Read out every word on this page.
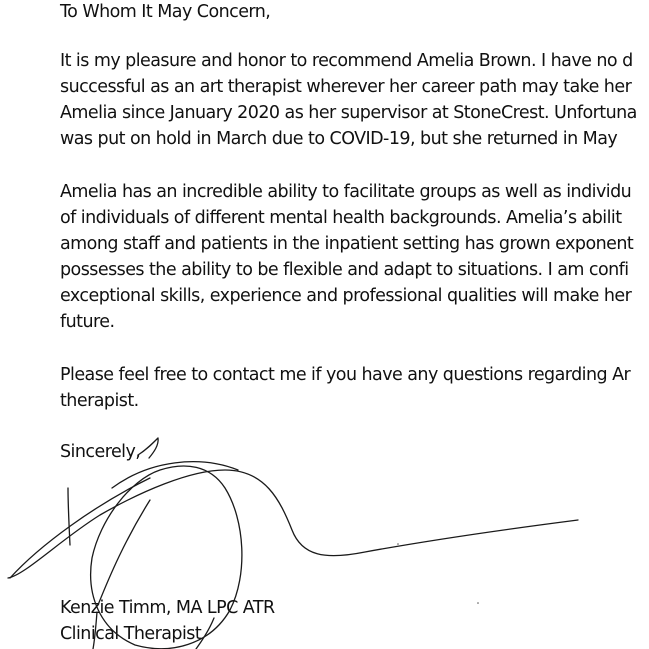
To Whom It May Concern,
It is my pleasure and honor to recommend Amelia Brown. I have no d
successful as an art therapist wherever her career path may take her
Amelia since January 2020 as her supervisor at StoneCrest. Unfortuna
was put on hold in March due to COVID-19, but she returned in May
Amelia has an incredible ability to facilitate groups as well as individu
of individuals of different mental health backgrounds. Amelia’s abilit
among staff and patients in the inpatient setting has grown exponent
possesses the ability to be flexible and adapt to situations. I am confi
exceptional skills, experience and professional qualities will make her
future.
Please feel free to contact me if you have any questions regarding Ar
therapist.
Sincerely,
Kenzie Timm, MA LPC ATR
Clinical Therapist
